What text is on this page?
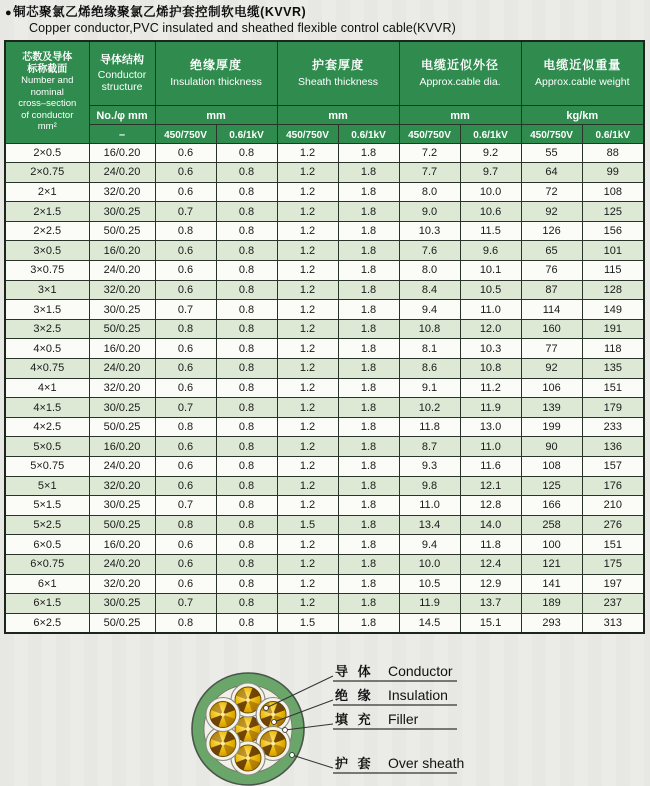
●铜芯聚氯乙烯绝缘聚氯乙烯护套控制软电缆(KVVR)
Copper conductor,PVC insulated and sheathed flexible control cable(KVVR)
芯数及导体
标称截面
Number and
nominal
cross–section
of conductor
mm²

导体结构
Conductor
structure

绝缘厚度
Insulation thickness

护套厚度
Sheath thickness

电缆近似外径
Approx.cable dia.

电缆近似重量
Approx.cable weight

	No./φ mm	mm		mm		mm		kg/km	
	–	450/750V	0.6/1kV	450/750V	0.6/1kV	450/750V	0.6/1kV	450/750V	0.6/1kV
2×0.5	16/0.20	0.6	0.8	1.2	1.8	7.2	9.2	55	88
2×0.75	24/0.20	0.6	0.8	1.2	1.8	7.7	9.7	64	99
2×1	32/0.20	0.6	0.8	1.2	1.8	8.0	10.0	72	108
2×1.5	30/0.25	0.7	0.8	1.2	1.8	9.0	10.6	92	125
2×2.5	50/0.25	0.8	0.8	1.2	1.8	10.3	11.5	126	156
3×0.5	16/0.20	0.6	0.8	1.2	1.8	7.6	9.6	65	101
3×0.75	24/0.20	0.6	0.8	1.2	1.8	8.0	10.1	76	115
3×1	32/0.20	0.6	0.8	1.2	1.8	8.4	10.5	87	128
3×1.5	30/0.25	0.7	0.8	1.2	1.8	9.4	11.0	114	149
3×2.5	50/0.25	0.8	0.8	1.2	1.8	10.8	12.0	160	191
4×0.5	16/0.20	0.6	0.8	1.2	1.8	8.1	10.3	77	118
4×0.75	24/0.20	0.6	0.8	1.2	1.8	8.6	10.8	92	135
4×1	32/0.20	0.6	0.8	1.2	1.8	9.1	11.2	106	151
4×1.5	30/0.25	0.7	0.8	1.2	1.8	10.2	11.9	139	179
4×2.5	50/0.25	0.8	0.8	1.2	1.8	11.8	13.0	199	233
5×0.5	16/0.20	0.6	0.8	1.2	1.8	8.7	11.0	90	136
5×0.75	24/0.20	0.6	0.8	1.2	1.8	9.3	11.6	108	157
5×1	32/0.20	0.6	0.8	1.2	1.8	9.8	12.1	125	176
5×1.5	30/0.25	0.7	0.8	1.2	1.8	11.0	12.8	166	210
5×2.5	50/0.25	0.8	0.8	1.5	1.8	13.4	14.0	258	276
6×0.5	16/0.20	0.6	0.8	1.2	1.8	9.4	11.8	100	151
6×0.75	24/0.20	0.6	0.8	1.2	1.8	10.0	12.4	121	175
6×1	32/0.20	0.6	0.8	1.2	1.8	10.5	12.9	141	197
6×1.5	30/0.25	0.7	0.8	1.2	1.8	11.9	13.7	189	237
6×2.5	50/0.25	0.8	0.8	1.5	1.8	14.5	15.1	293	313
导 体 Conductor
绝 缘 Insulation
填 充 Filler
护 套 Over sheath
